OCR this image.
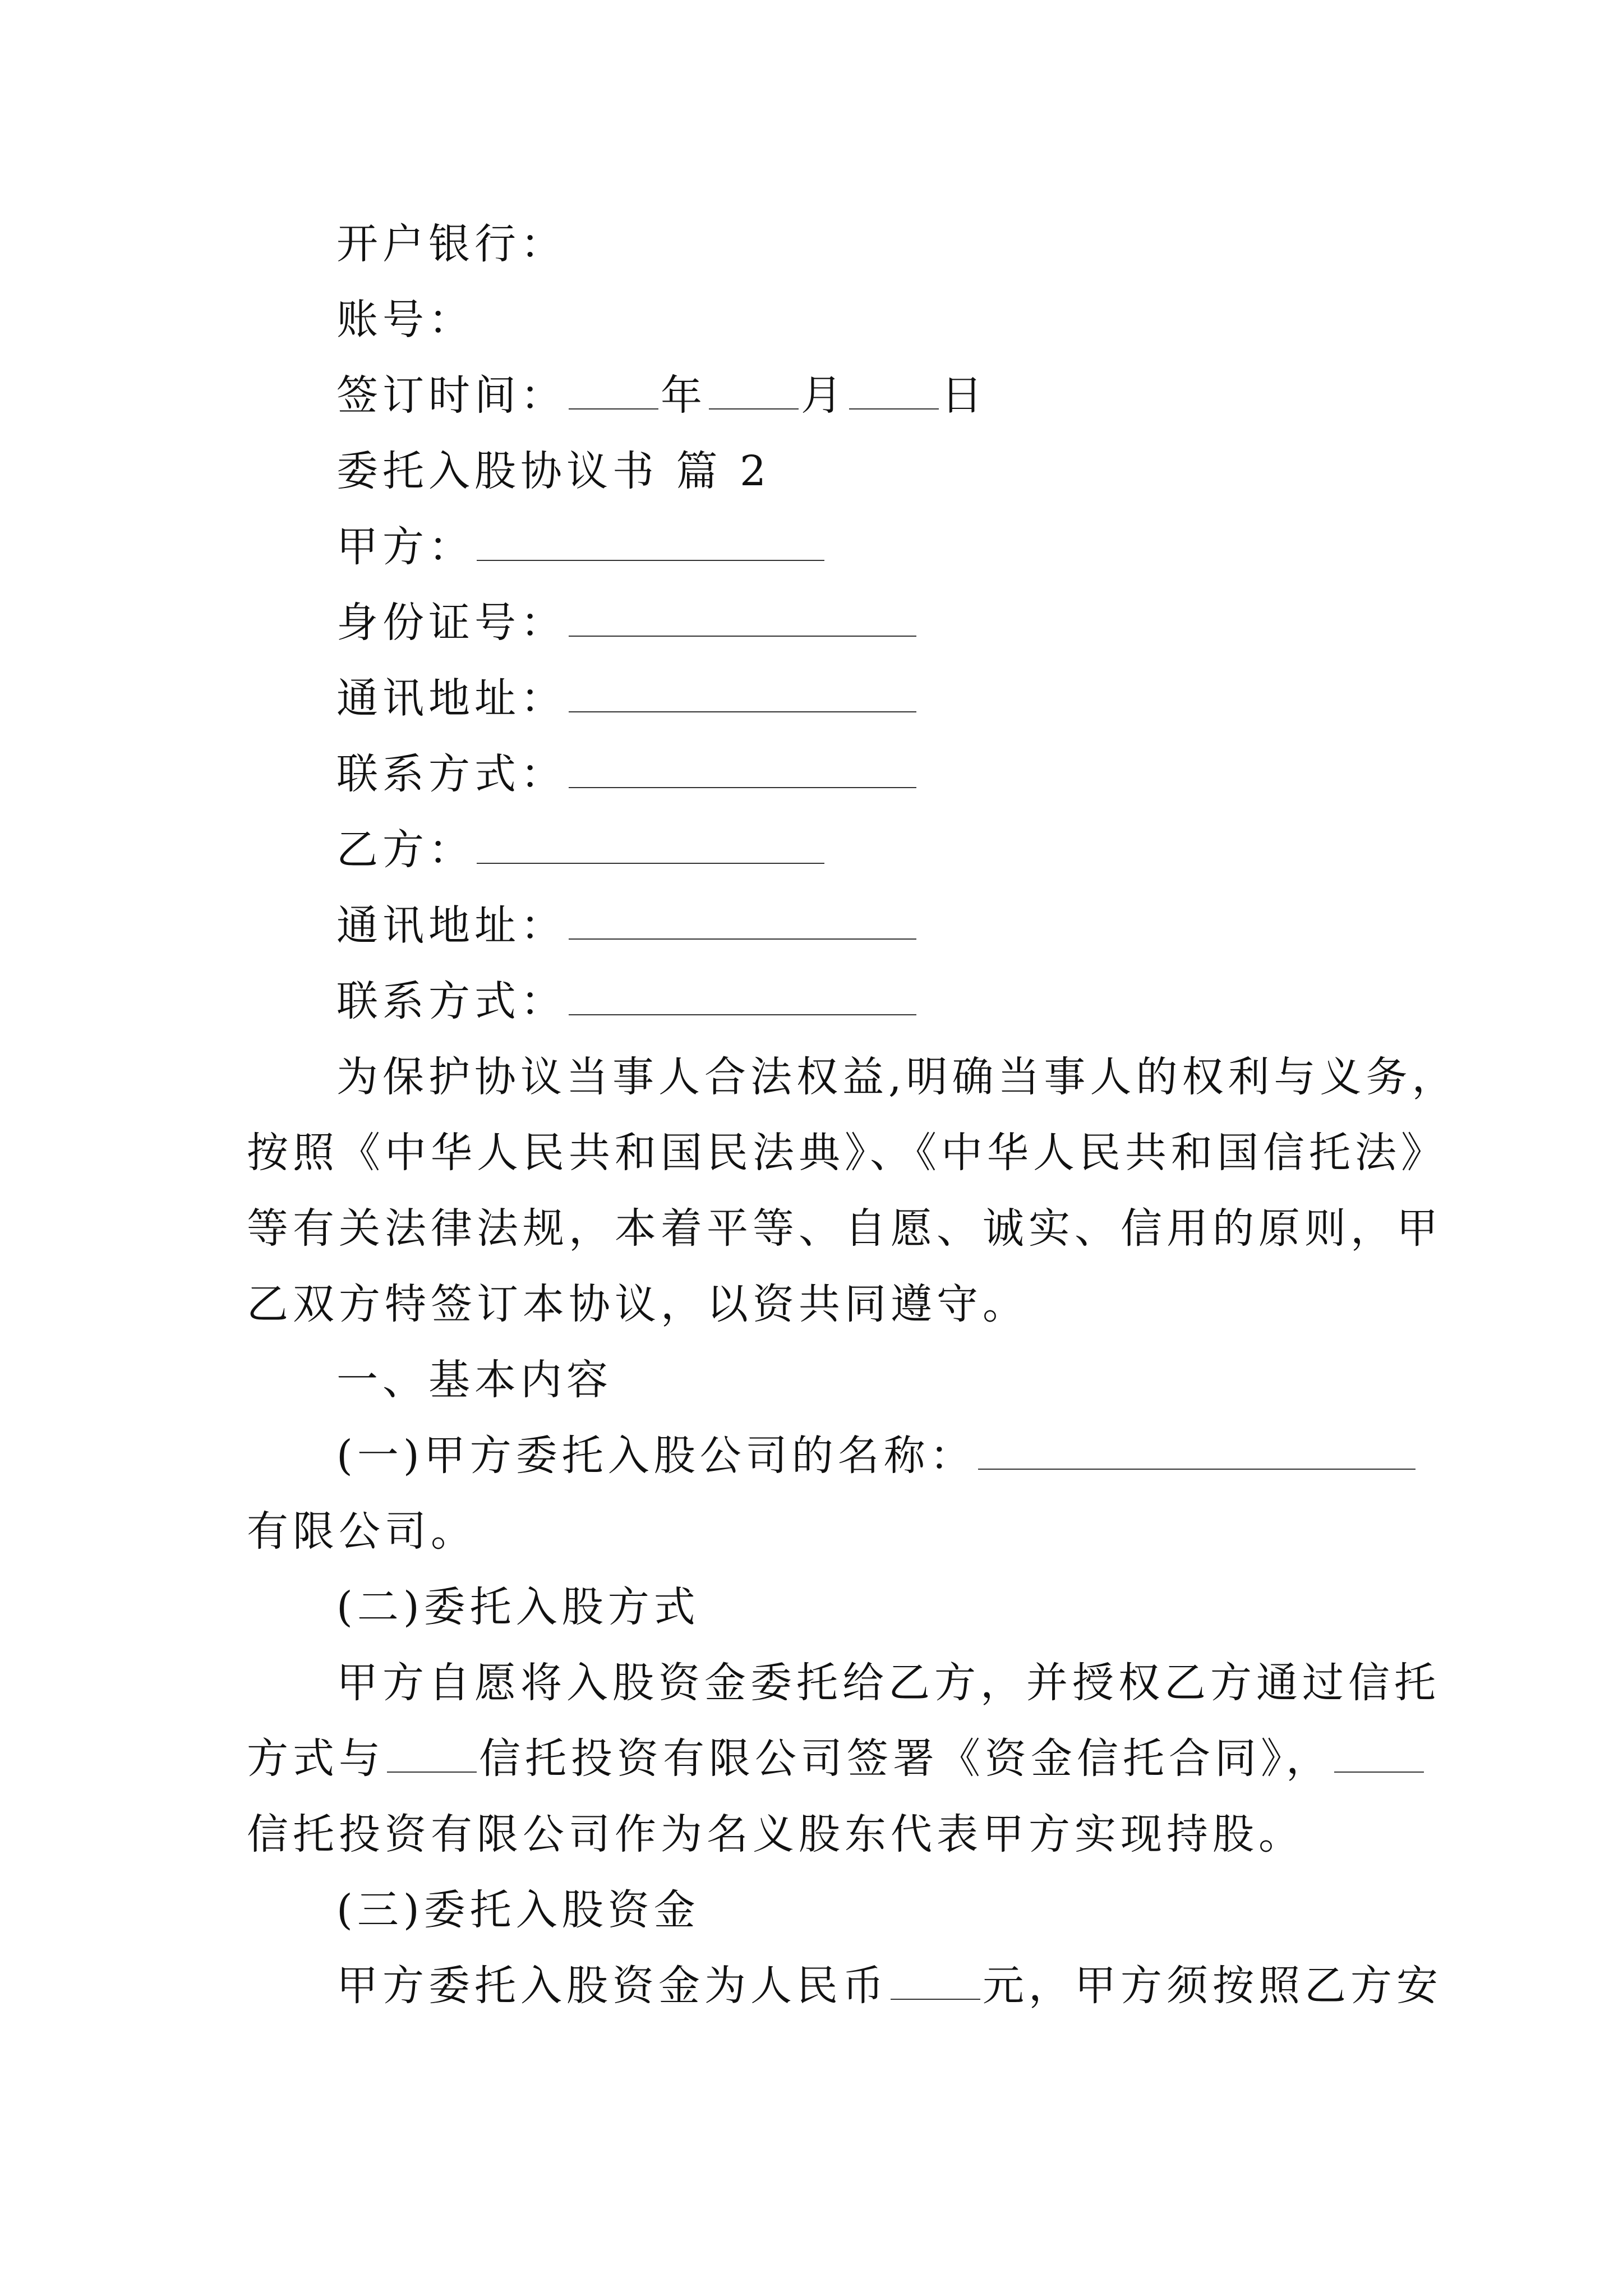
开户银行：
账号：
签订时间： 年 月 日
委托入股协议书 篇 2
甲方：
身份证号：
通讯地址：
联系方式：
乙方：
通讯地址：
联系方式：
为保护协议当事人合法权益,明确当事人的权利与义务，
按照《中华人民共和国民法典》、《中华人民共和国信托法》
等有关法律法规，本着平等、自愿、诚实、信用的原则，甲
乙双方特签订本协议，以资共同遵守。
一、基本内容
(一)甲方委托入股公司的名称：
有限公司。
(二)委托入股方式
甲方自愿将入股资金委托给乙方，并授权乙方通过信托
方式与 信托投资有限公司签署《资金信托合同》，
信托投资有限公司作为名义股东代表甲方实现持股。
(三)委托入股资金
甲方委托入股资金为人民币 元，甲方须按照乙方安
